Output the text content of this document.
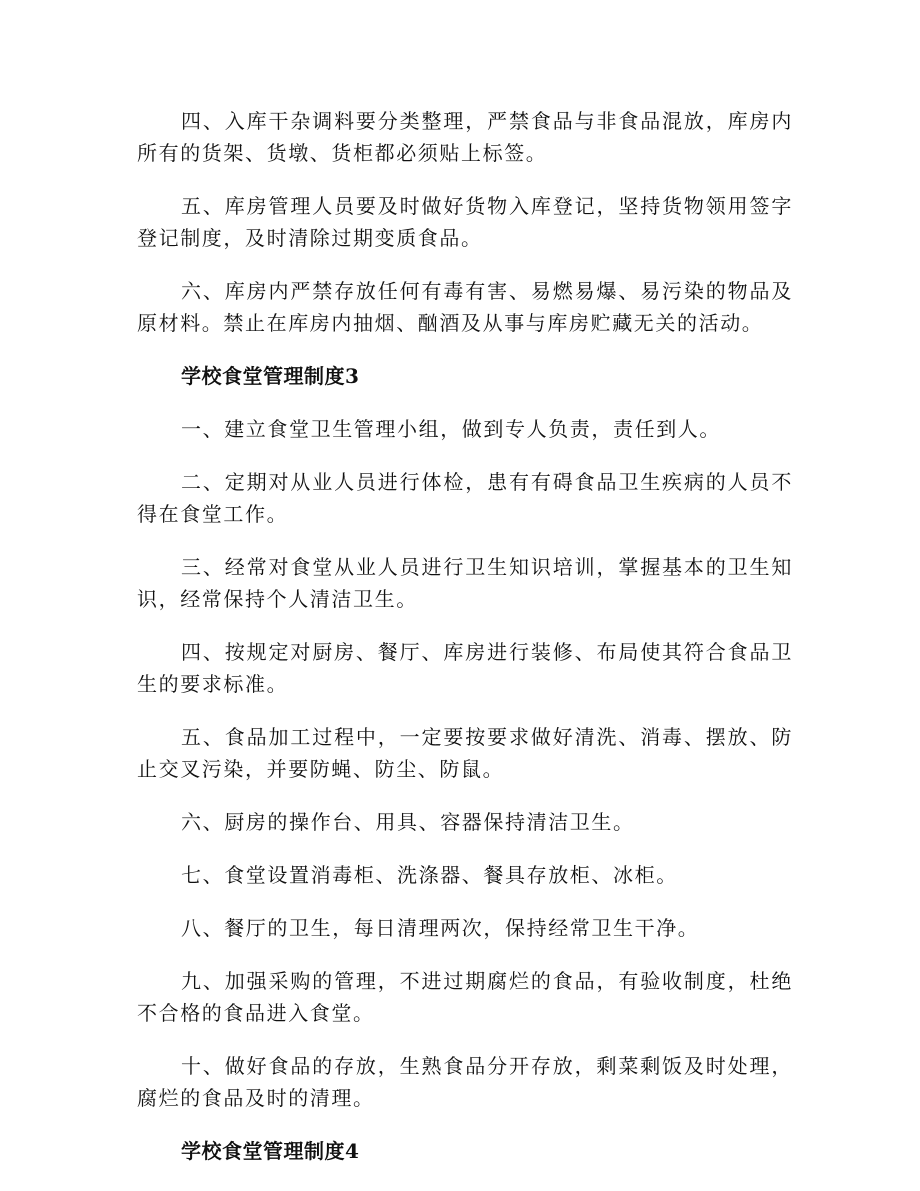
四、入库干杂调料要分类整理，严禁食品与非食品混放，库房内所有的货架、货墩、货柜都必须贴上标签。

五、库房管理人员要及时做好货物入库登记，坚持货物领用签字登记制度，及时清除过期变质食品。

六、库房内严禁存放任何有毒有害、易燃易爆、易污染的物品及原材料。禁止在库房内抽烟、酗酒及从事与库房贮藏无关的活动。

学校食堂管理制度3

一、建立食堂卫生管理小组，做到专人负责，责任到人。

二、定期对从业人员进行体检，患有有碍食品卫生疾病的人员不得在食堂工作。

三、经常对食堂从业人员进行卫生知识培训，掌握基本的卫生知识，经常保持个人清洁卫生。

四、按规定对厨房、餐厅、库房进行装修、布局使其符合食品卫生的要求标准。

五、食品加工过程中，一定要按要求做好清洗、消毒、摆放、防止交叉污染，并要防蝇、防尘、防鼠。

六、厨房的操作台、用具、容器保持清洁卫生。

七、食堂设置消毒柜、洗涤器、餐具存放柜、冰柜。

八、餐厅的卫生，每日清理两次，保持经常卫生干净。

九、加强采购的管理，不进过期腐烂的食品，有验收制度，杜绝不合格的食品进入食堂。

十、做好食品的存放，生熟食品分开存放，剩菜剩饭及时处理，腐烂的食品及时的清理。

学校食堂管理制度4
